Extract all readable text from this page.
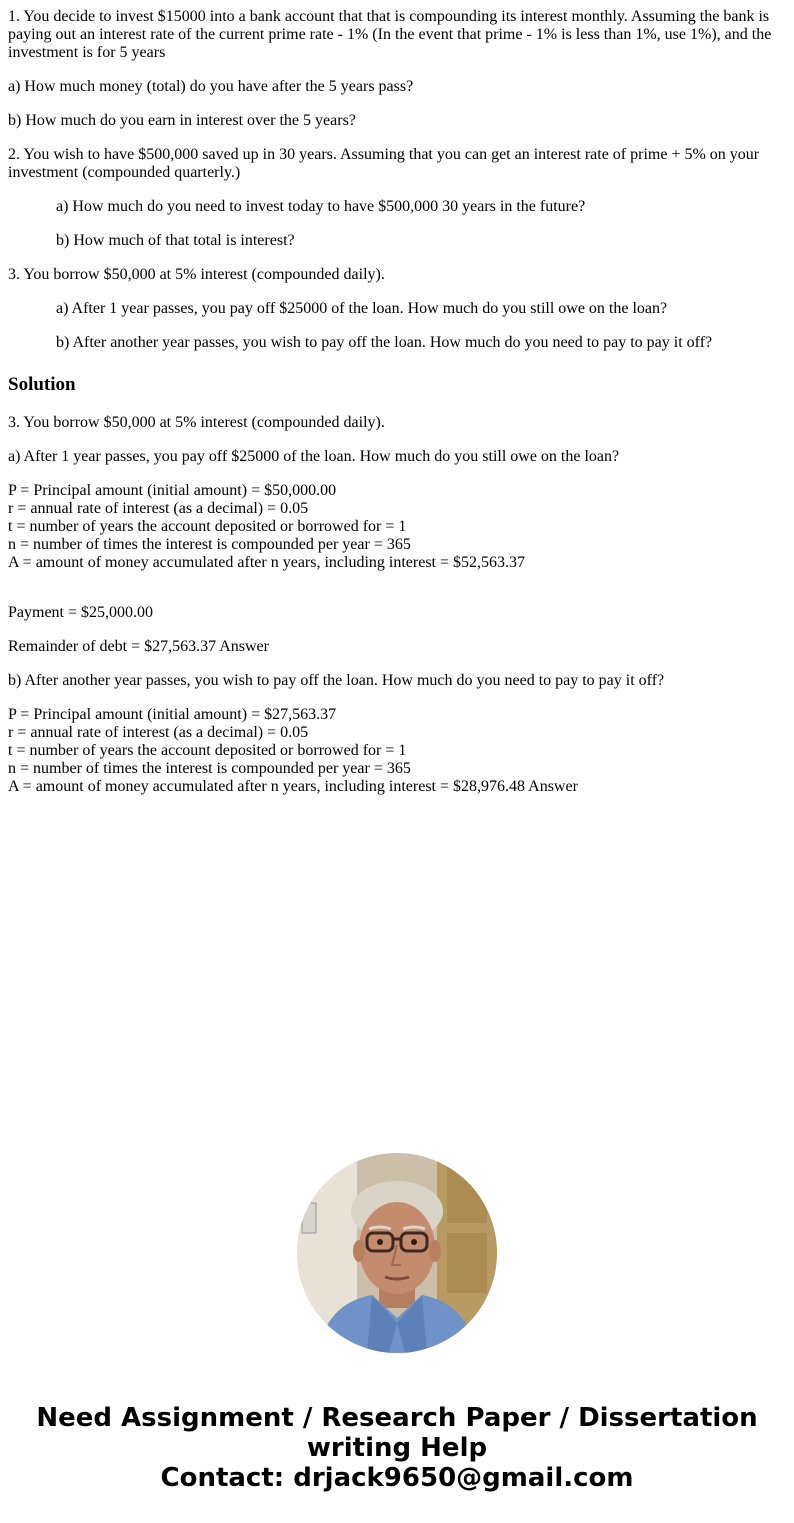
1. You decide to invest $15000 into a bank account that that is compounding its interest monthly. Assuming the bank is paying out an interest rate of the current prime rate - 1% (In the event that prime - 1% is less than 1%, use 1%), and the investment is for 5 years

a) How much money (total) do you have after the 5 years pass?

b) How much do you earn in interest over the 5 years?

2. You wish to have $500,000 saved up in 30 years. Assuming that you can get an interest rate of prime + 5% on your investment (compounded quarterly.)

a) How much do you need to invest today to have $500,000 30 years in the future?

b) How much of that total is interest?

3. You borrow $50,000 at 5% interest (compounded daily).

a) After 1 year passes, you pay off $25000 of the loan. How much do you still owe on the loan?

b) After another year passes, you wish to pay off the loan. How much do you need to pay to pay it off?

Solution

3. You borrow $50,000 at 5% interest (compounded daily).

a) After 1 year passes, you pay off $25000 of the loan. How much do you still owe on the loan?

P = Principal amount (initial amount) = $50,000.00
r = annual rate of interest (as a decimal) = 0.05
t = number of years the account deposited or borrowed for = 1
n = number of times the interest is compounded per year = 365
A = amount of money accumulated after n years, including interest = $52,563.37

Payment = $25,000.00

Remainder of debt = $27,563.37 Answer

b) After another year passes, you wish to pay off the loan. How much do you need to pay to pay it off?

P = Principal amount (initial amount) = $27,563.37
r = annual rate of interest (as a decimal) = 0.05
t = number of years the account deposited or borrowed for = 1
n = number of times the interest is compounded per year = 365
A = amount of money accumulated after n years, including interest = $28,976.48 Answer

Need Assignment / Research Paper / Dissertation writing Help
Contact: drjack9650@gmail.com
